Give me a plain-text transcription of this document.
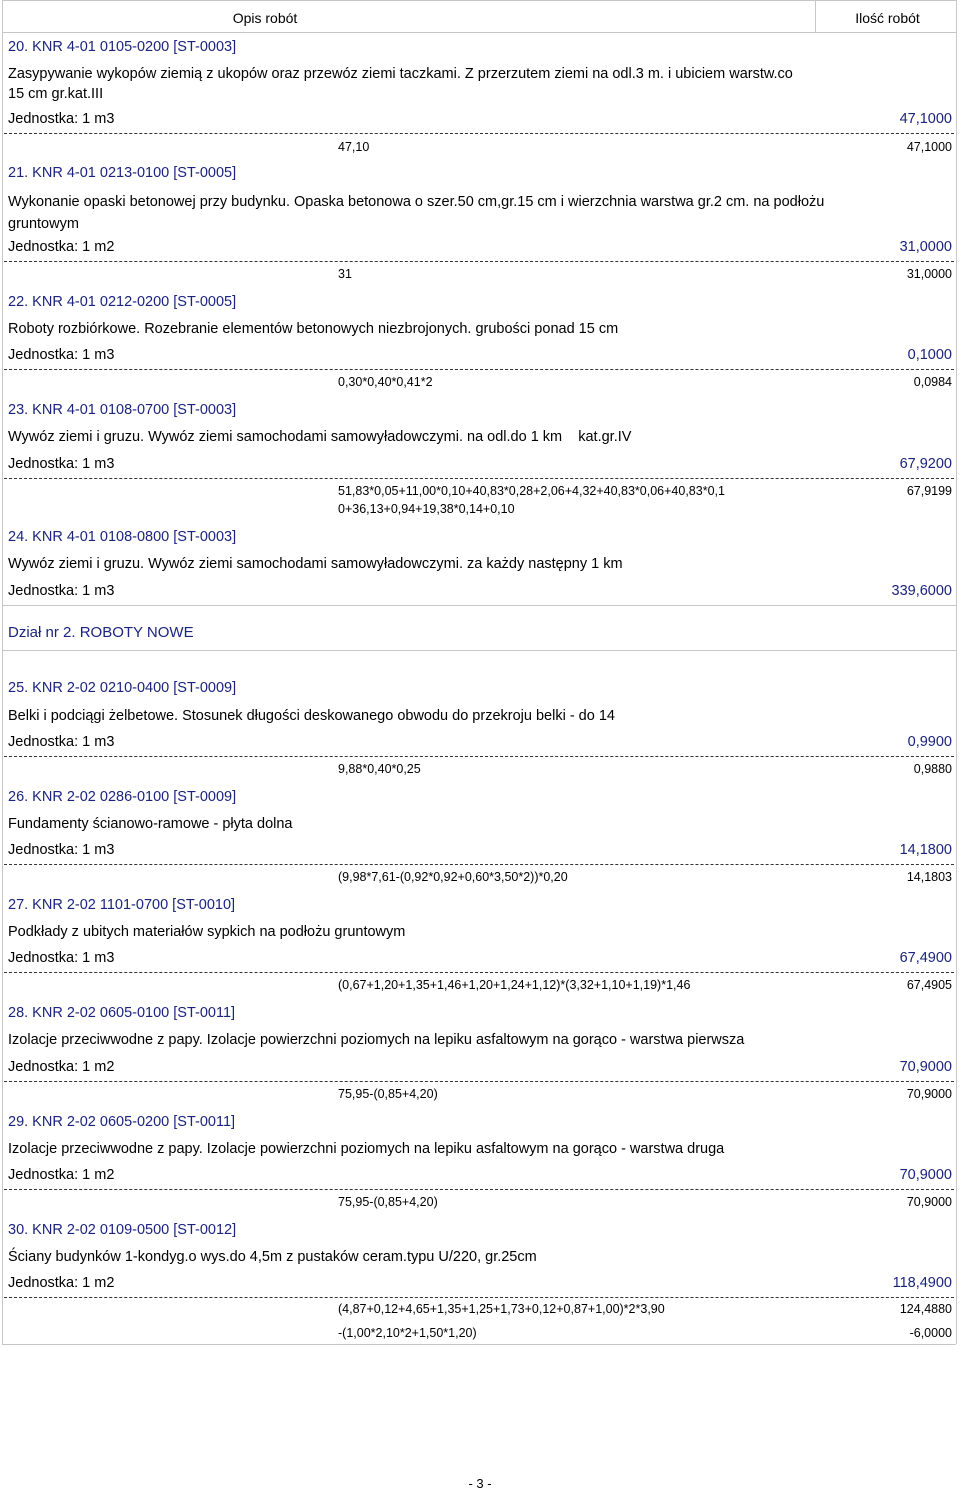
Opis robót	Ilość robót
20. KNR 4-01 0105-0200 [ST-0003]
Zasypywanie wykopów ziemią z ukopów oraz przewóz ziemi taczkami. Z przerzutem ziemi na odl.3 m. i ubiciem warstw.co 15 cm gr.kat.III
Jednostka: 1 m3	47,1000
47,10	47,1000
21. KNR 4-01 0213-0100 [ST-0005]
Wykonanie opaski betonowej przy budynku. Opaska betonowa o szer.50 cm,gr.15 cm i wierzchnia warstwa gr.2 cm. na podłożu gruntowym
Jednostka: 1 m2	31,0000
31	31,0000
22. KNR 4-01 0212-0200 [ST-0005]
Roboty rozbiórkowe. Rozebranie elementów betonowych niezbrojonych. grubości ponad 15 cm
Jednostka: 1 m3	0,1000
0,30*0,40*0,41*2	0,0984
23. KNR 4-01 0108-0700 [ST-0003]
Wywóz ziemi i gruzu. Wywóz ziemi samochodami samowyładowczymi. na odl.do 1 km    kat.gr.IV
Jednostka: 1 m3	67,9200
51,83*0,05+11,00*0,10+40,83*0,28+2,06+4,32+40,83*0,06+40,83*0,1	67,9199
0+36,13+0,94+19,38*0,14+0,10
24. KNR 4-01 0108-0800 [ST-0003]
Wywóz ziemi i gruzu. Wywóz ziemi samochodami samowyładowczymi. za każdy następny 1 km
Jednostka: 1 m3	339,6000
Dział nr 2. ROBOTY NOWE
25. KNR 2-02 0210-0400 [ST-0009]
Belki i podciągi żelbetowe. Stosunek długości deskowanego obwodu do przekroju belki - do 14
Jednostka: 1 m3	0,9900
9,88*0,40*0,25	0,9880
26. KNR 2-02 0286-0100 [ST-0009]
Fundamenty ścianowo-ramowe - płyta dolna
Jednostka: 1 m3	14,1800
(9,98*7,61-(0,92*0,92+0,60*3,50*2))*0,20	14,1803
27. KNR 2-02 1101-0700 [ST-0010]
Podkłady z ubitych materiałów sypkich na podłożu gruntowym
Jednostka: 1 m3	67,4900
(0,67+1,20+1,35+1,46+1,20+1,24+1,12)*(3,32+1,10+1,19)*1,46	67,4905
28. KNR 2-02 0605-0100 [ST-0011]
Izolacje przeciwwodne z papy. Izolacje powierzchni poziomych na lepiku asfaltowym na gorąco - warstwa pierwsza
Jednostka: 1 m2	70,9000
75,95-(0,85+4,20)	70,9000
29. KNR 2-02 0605-0200 [ST-0011]
Izolacje przeciwwodne z papy. Izolacje powierzchni poziomych na lepiku asfaltowym na gorąco - warstwa druga
Jednostka: 1 m2	70,9000
75,95-(0,85+4,20)	70,9000
30. KNR 2-02 0109-0500 [ST-0012]
Ściany budynków 1-kondyg.o wys.do 4,5m z pustaków ceram.typu U/220, gr.25cm
Jednostka: 1 m2	118,4900
(4,87+0,12+4,65+1,35+1,25+1,73+0,12+0,87+1,00)*2*3,90	124,4880
-(1,00*2,10*2+1,50*1,20)	-6,0000
- 3 -
